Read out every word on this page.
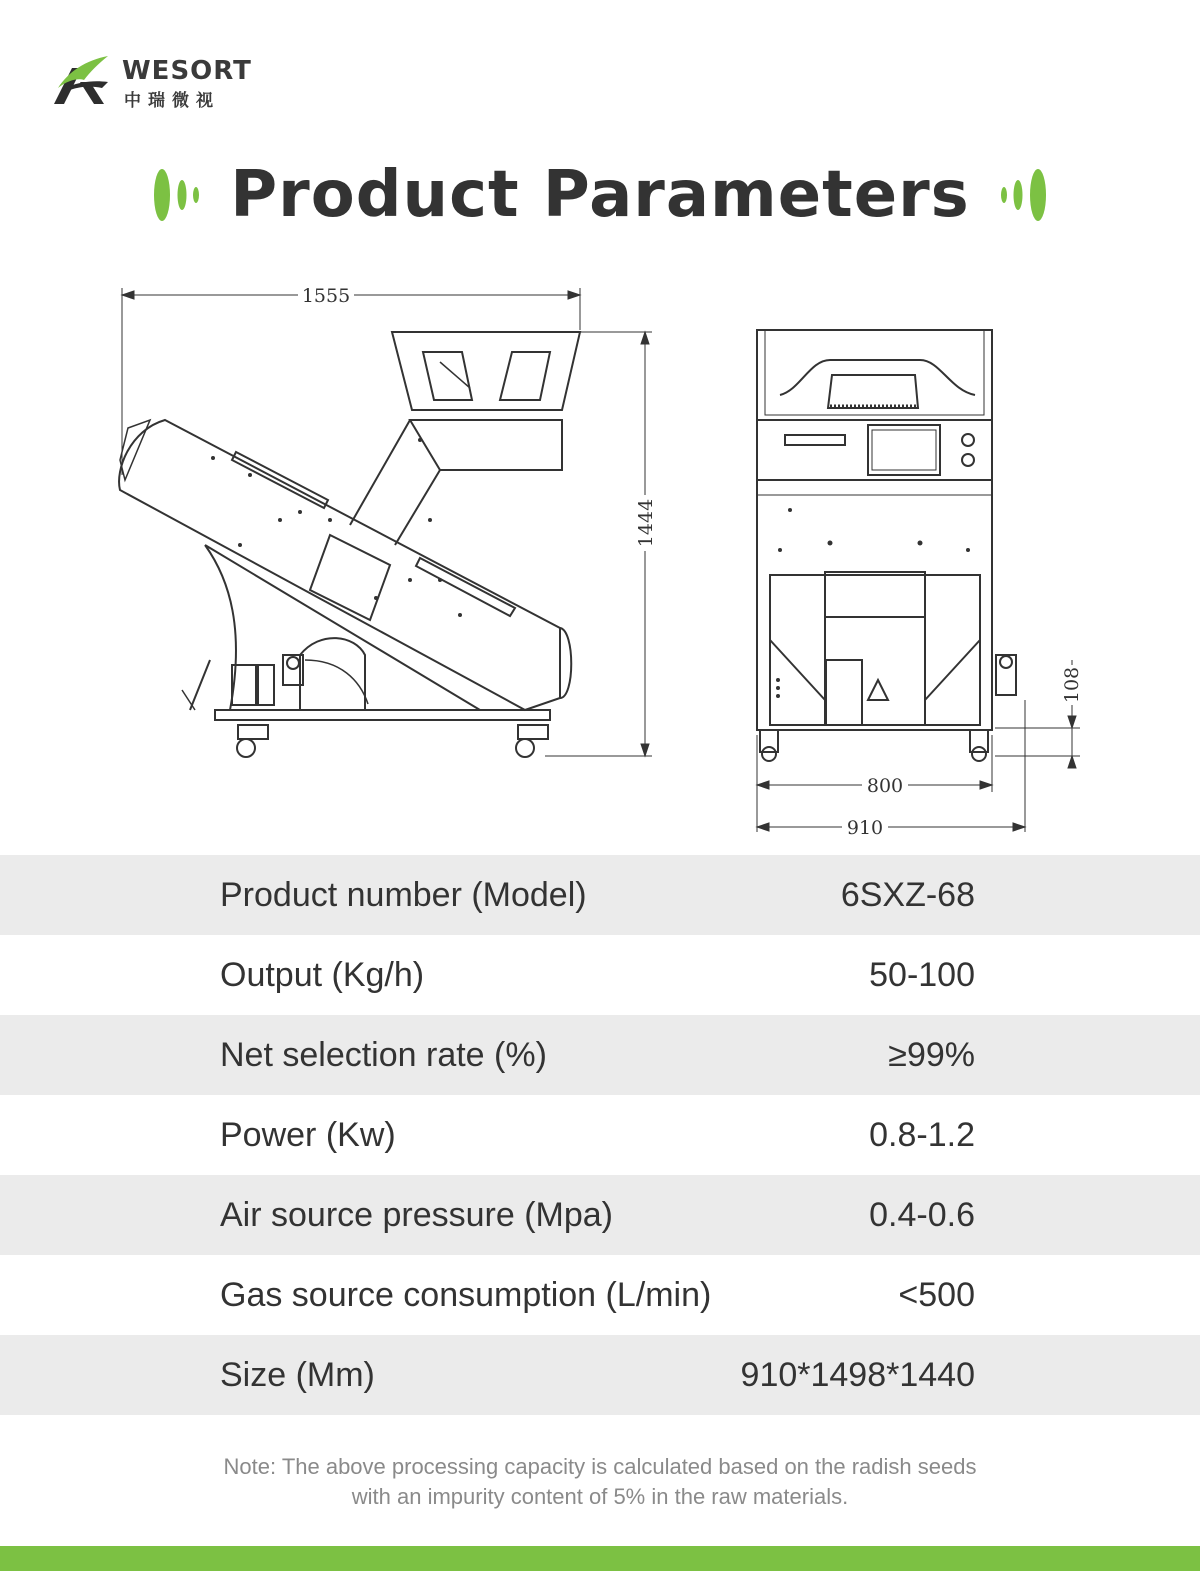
WESORT
中瑞微视
Product Parameters
1555
1444
800
910
108
Product number (Model)	6SXZ-68
Output (Kg/h)	50-100
Net selection rate (%)	≥99%
Power (Kw)	0.8-1.2
Air source pressure (Mpa)	0.4-0.6
Gas source consumption (L/min)	<500
Size (Mm)	910*1498*1440
Note: The above processing capacity is calculated based on the radish seeds
with an impurity content of 5% in the raw materials.
